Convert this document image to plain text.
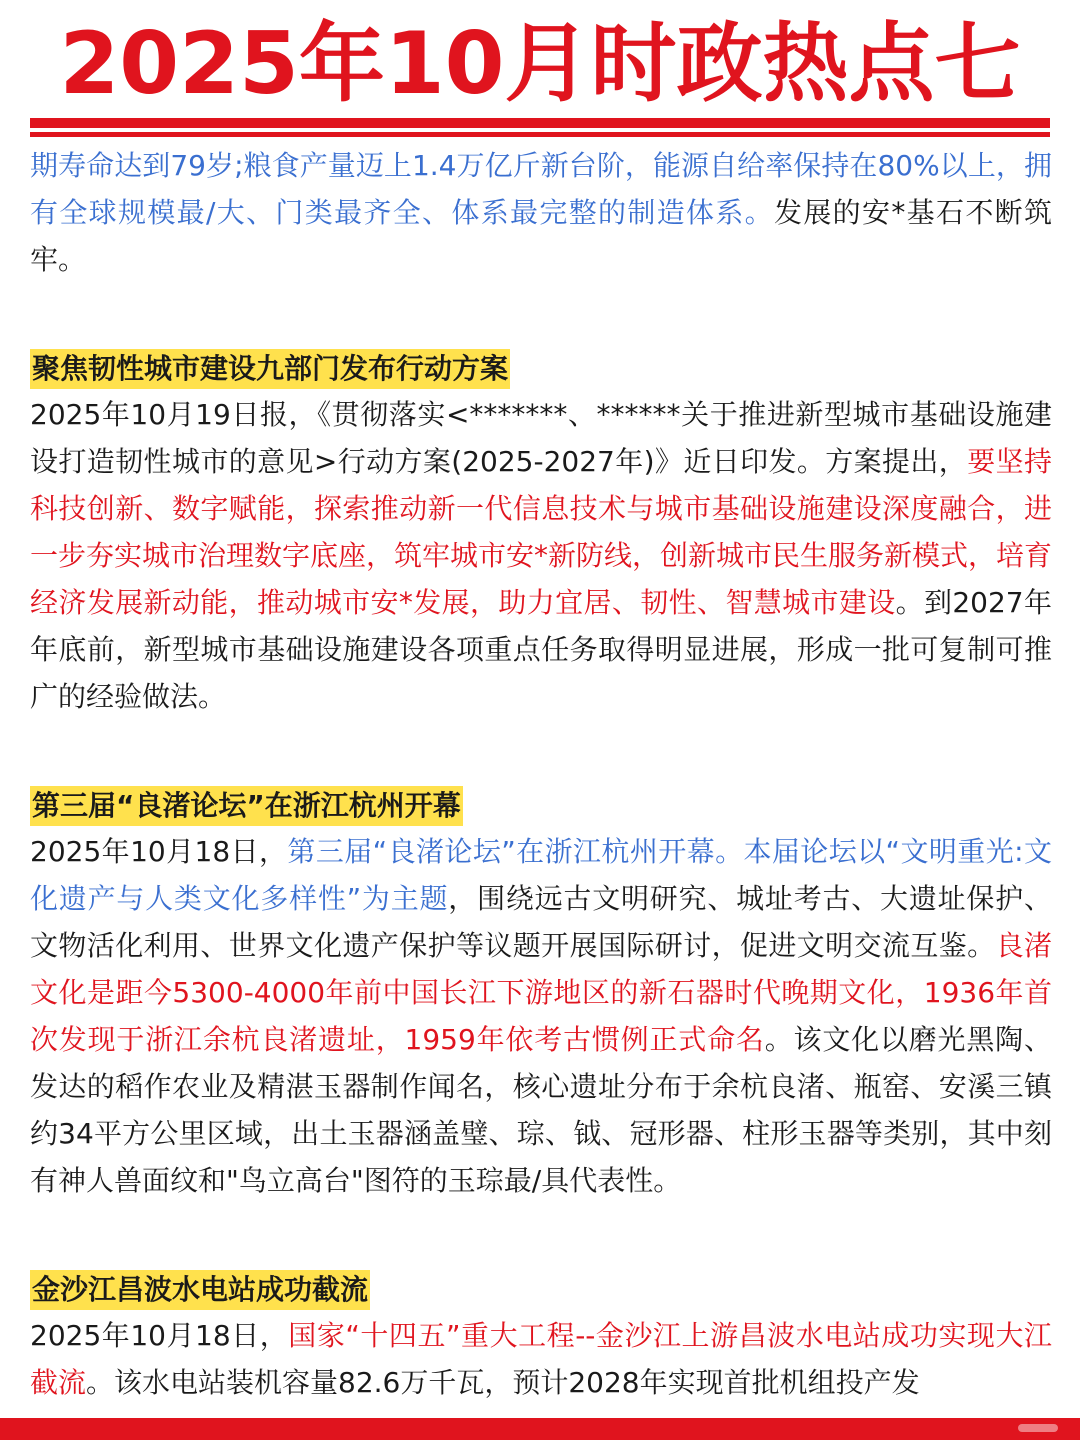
2025年10月时政热点七

期寿命达到79岁;粮食产量迈上1.4万亿斤新台阶，能源自给率保持在80%以上，拥有全球规模最/大、门类最齐全、体系最完整的制造体系。发展的安*基石不断筑牢。

聚焦韧性城市建设九部门发布行动方案

2025年10月19日报，《贯彻落实<*******、******关于推进新型城市基础设施建设打造韧性城市的意见>行动方案(2025-2027年)》近日印发。方案提出，要坚持科技创新、数字赋能，探索推动新一代信息技术与城市基础设施建设深度融合，进一步夯实城市治理数字底座，筑牢城市安*新防线，创新城市民生服务新模式，培育经济发展新动能，推动城市安*发展，助力宜居、韧性、智慧城市建设。到2027年年底前，新型城市基础设施建设各项重点任务取得明显进展，形成一批可复制可推广的经验做法。

第三届“良渚论坛”在浙江杭州开幕

2025年10月18日，第三届“良渚论坛”在浙江杭州开幕。本届论坛以“文明重光:文化遗产与人类文化多样性”为主题，围绕远古文明研究、城址考古、大遗址保护、文物活化利用、世界文化遗产保护等议题开展国际研讨，促进文明交流互鉴。良渚文化是距今5300-4000年前中国长江下游地区的新石器时代晚期文化，1936年首次发现于浙江余杭良渚遗址，1959年依考古惯例正式命名。该文化以磨光黑陶、发达的稻作农业及精湛玉器制作闻名，核心遗址分布于余杭良渚、瓶窑、安溪三镇约34平方公里区域，出土玉器涵盖璧、琮、钺、冠形器、柱形玉器等类别，其中刻有神人兽面纹和"鸟立高台"图符的玉琮最/具代表性。

金沙江昌波水电站成功截流

2025年10月18日，国家“十四五”重大工程--金沙江上游昌波水电站成功实现大江截流。该水电站装机容量82.6万千瓦，预计2028年实现首批机组投产发
